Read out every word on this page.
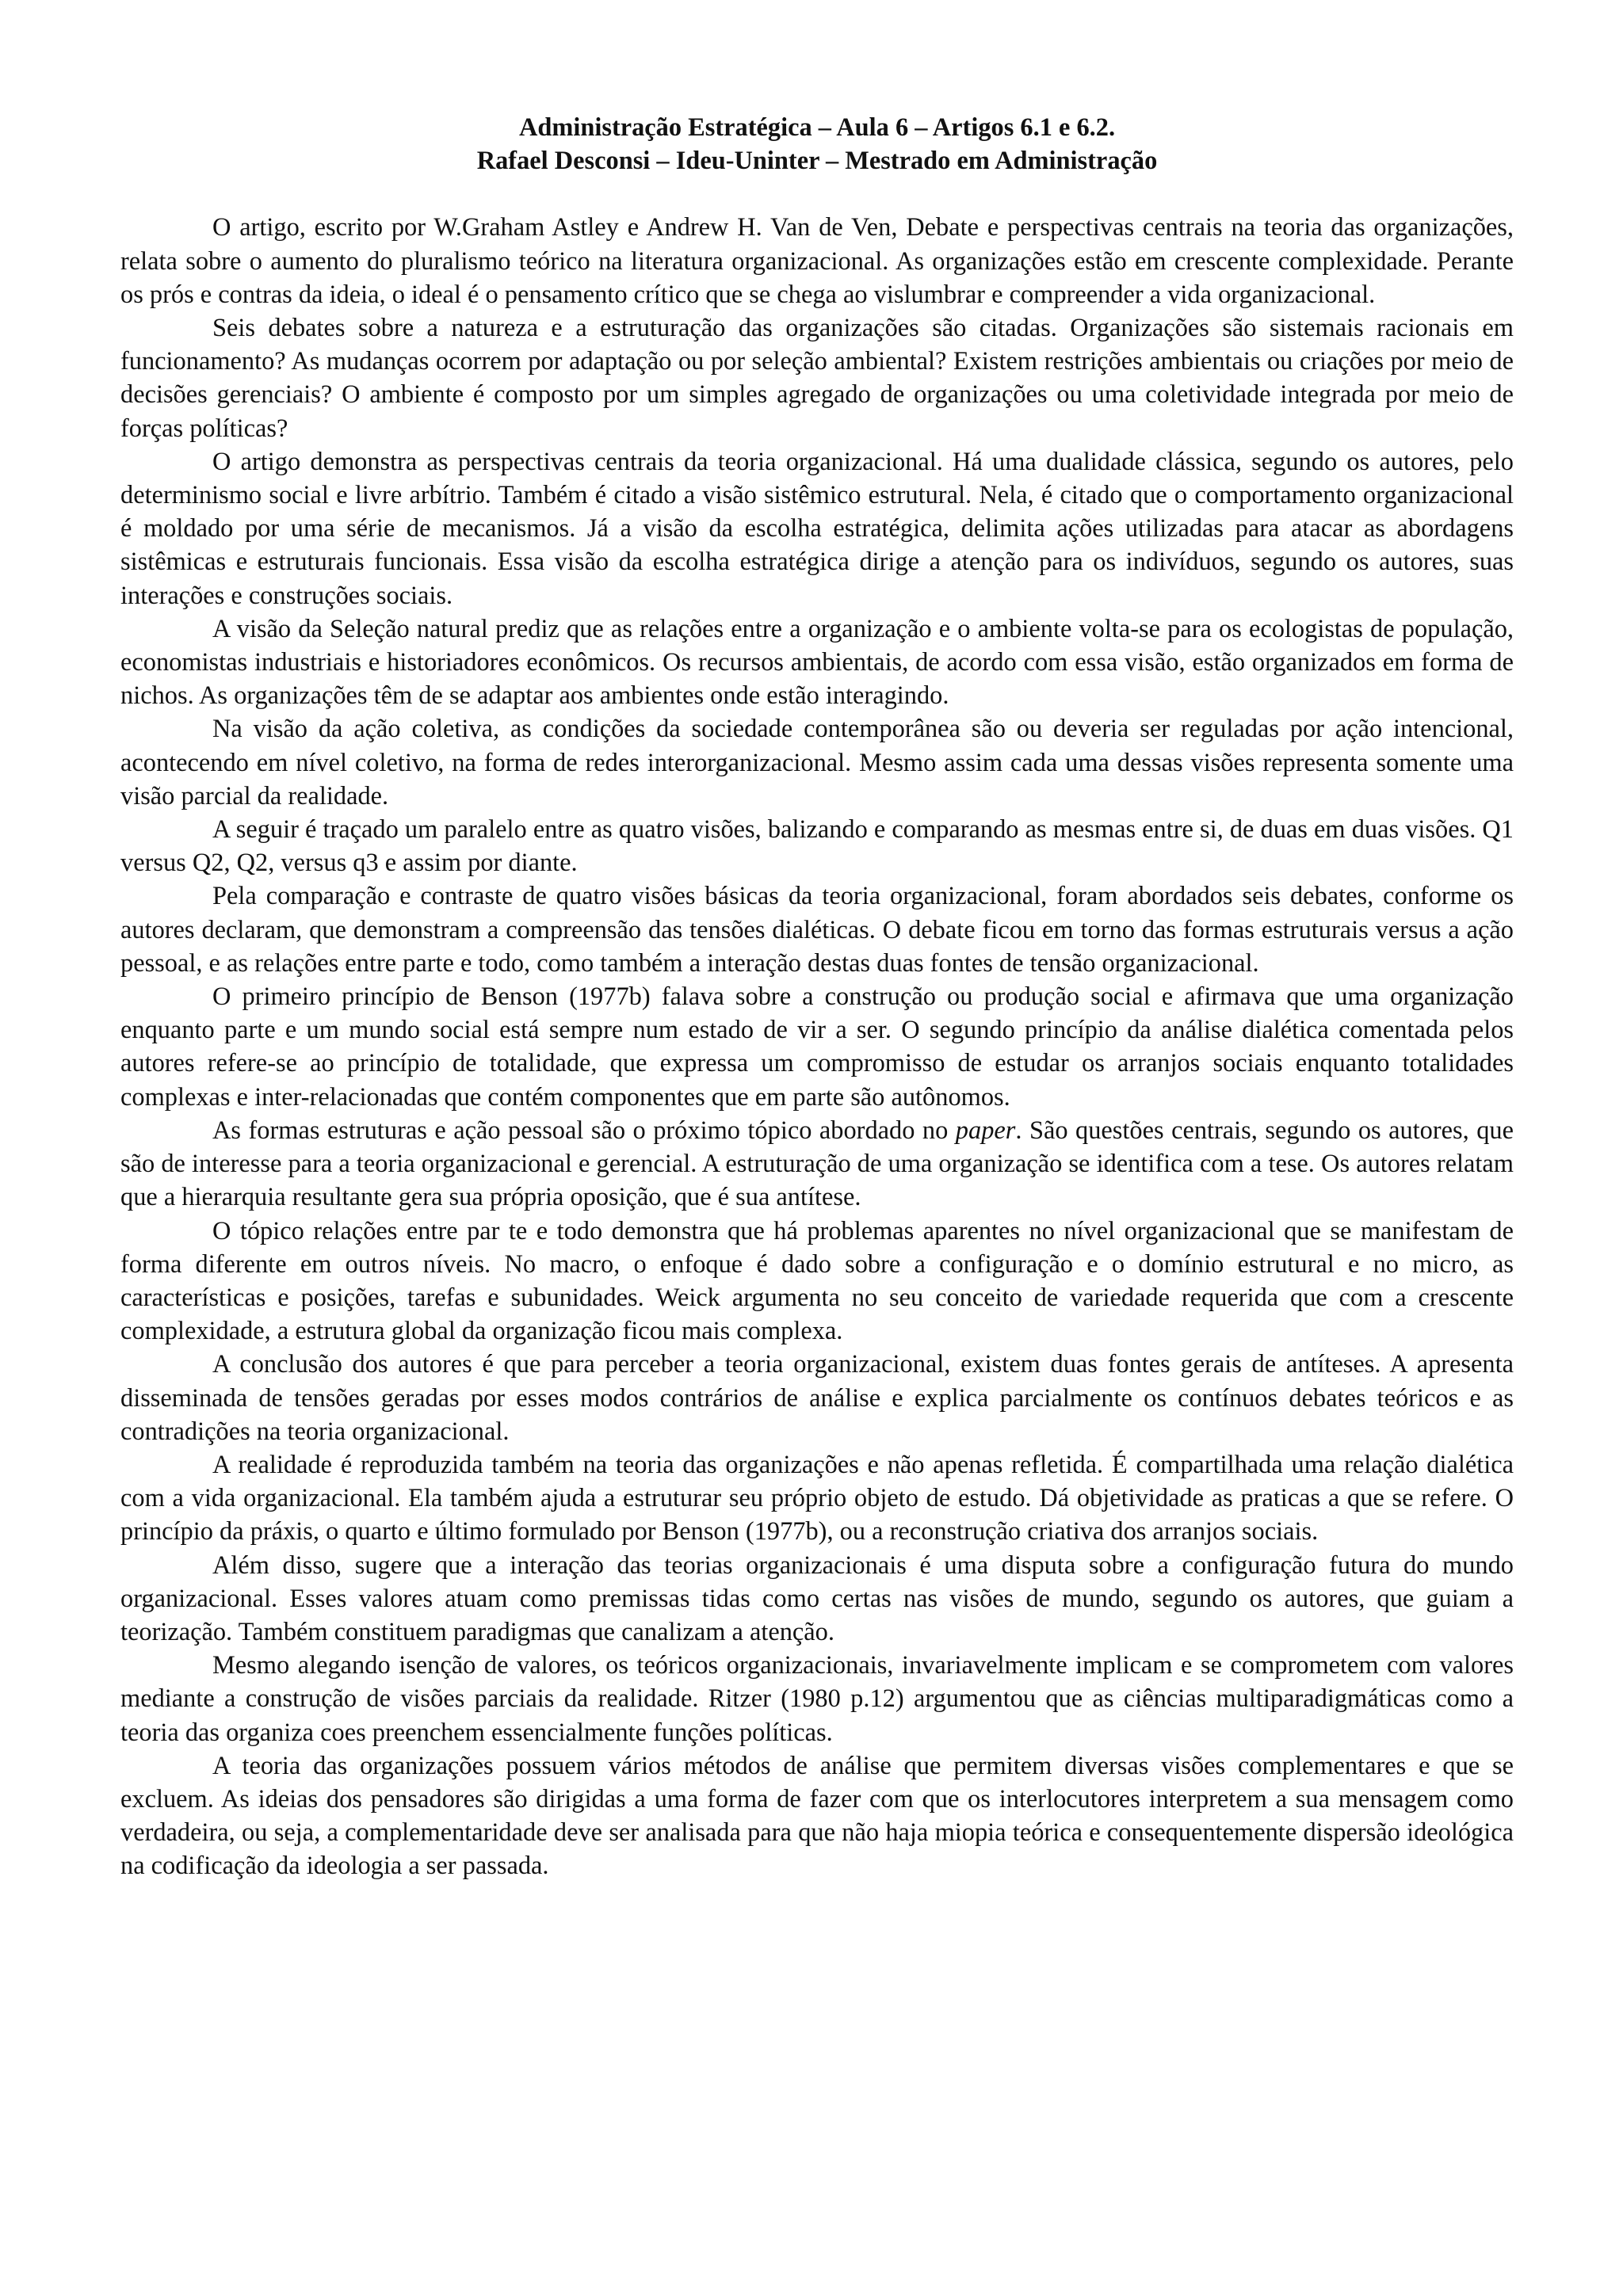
Administração Estratégica – Aula 6 – Artigos 6.1 e 6.2.
Rafael Desconsi – Ideu-Uninter – Mestrado em Administração

O artigo, escrito por W.Graham Astley e Andrew H. Van de Ven, Debate e perspectivas centrais na teoria das organizações, relata sobre o aumento do pluralismo teórico na literatura organizacional. As organizações estão em crescente complexidade. Perante os prós e contras da ideia, o ideal é o pensamento crítico que se chega ao vislumbrar e compreender a vida organizacional.

Seis debates sobre a natureza e a estruturação das organizações são citadas. Organizações são sistemais racionais em funcionamento? As mudanças ocorrem por adaptação ou por seleção ambiental? Existem restrições ambientais ou criações por meio de decisões gerenciais? O ambiente é composto por um simples agregado de organizações ou uma coletividade integrada por meio de forças políticas?

O artigo demonstra as perspectivas centrais da teoria organizacional. Há uma dualidade clássica, segundo os autores, pelo determinismo social e livre arbítrio. Também é citado a visão sistêmico estrutural. Nela, é citado que o comportamento organizacional é moldado por uma série de mecanismos. Já a visão da escolha estratégica, delimita ações utilizadas para atacar as abordagens sistêmicas e estruturais funcionais. Essa visão da escolha estratégica dirige a atenção para os indivíduos, segundo os autores, suas interações e construções sociais.

A visão da Seleção natural prediz que as relações entre a organização e o ambiente volta-se para os ecologistas de população, economistas industriais e historiadores econômicos. Os recursos ambientais, de acordo com essa visão, estão organizados em forma de nichos. As organizações têm de se adaptar aos ambientes onde estão interagindo.

Na visão da ação coletiva, as condições da sociedade contemporânea são ou deveria ser reguladas por ação intencional, acontecendo em nível coletivo, na forma de redes interorganizacional. Mesmo assim cada uma dessas visões representa somente uma visão parcial da realidade.

A seguir é traçado um paralelo entre as quatro visões, balizando e comparando as mesmas entre si, de duas em duas visões. Q1 versus Q2, Q2, versus q3 e assim por diante.

Pela comparação e contraste de quatro visões básicas da teoria organizacional, foram abordados seis debates, conforme os autores declaram, que demonstram a compreensão das tensões dialéticas. O debate ficou em torno das formas estruturais versus a ação pessoal, e as relações entre parte e todo, como também a interação destas duas fontes de tensão organizacional.

O primeiro princípio de Benson (1977b) falava sobre a construção ou produção social e afirmava que uma organização enquanto parte e um mundo social está sempre num estado de vir a ser. O segundo princípio da análise dialética comentada pelos autores refere-se ao princípio de totalidade, que expressa um compromisso de estudar os arranjos sociais enquanto totalidades complexas e inter-relacionadas que contém componentes que em parte são autônomos.

As formas estruturas e ação pessoal são o próximo tópico abordado no paper. São questões centrais, segundo os autores, que são de interesse para a teoria organizacional e gerencial. A estruturação de uma organização se identifica com a tese. Os autores relatam que a hierarquia resultante gera sua própria oposição, que é sua antítese.

O tópico relações entre par te e todo demonstra que há problemas aparentes no nível organizacional que se manifestam de forma diferente em outros níveis. No macro, o enfoque é dado sobre a configuração e o domínio estrutural e no micro, as características e posições, tarefas e subunidades. Weick argumenta no seu conceito de variedade requerida que com a crescente complexidade, a estrutura global da organização ficou mais complexa.

A conclusão dos autores é que para perceber a teoria organizacional, existem duas fontes gerais de antíteses. A apresenta disseminada de tensões geradas por esses modos contrários de análise e explica parcialmente os contínuos debates teóricos e as contradições na teoria organizacional.

A realidade é reproduzida também na teoria das organizações e não apenas refletida. É compartilhada uma relação dialética com a vida organizacional. Ela também ajuda a estruturar seu próprio objeto de estudo. Dá objetividade as praticas a que se refere. O princípio da práxis, o quarto e último formulado por Benson (1977b), ou a reconstrução criativa dos arranjos sociais.

Além disso, sugere que a interação das teorias organizacionais é uma disputa sobre a configuração futura do mundo organizacional. Esses valores atuam como premissas tidas como certas nas visões de mundo, segundo os autores, que guiam a teorização. Também constituem paradigmas que canalizam a atenção.

Mesmo alegando isenção de valores, os teóricos organizacionais, invariavelmente implicam e se comprometem com valores mediante a construção de visões parciais da realidade. Ritzer (1980 p.12) argumentou que as ciências multiparadigmáticas como a teoria das organiza coes preenchem essencialmente funções políticas.

A teoria das organizações possuem vários métodos de análise que permitem diversas visões complementares e que se excluem. As ideias dos pensadores são dirigidas a uma forma de fazer com que os interlocutores interpretem a sua mensagem como verdadeira, ou seja, a complementaridade deve ser analisada para que não haja miopia teórica e consequentemente dispersão ideológica na codificação da ideologia a ser passada.
